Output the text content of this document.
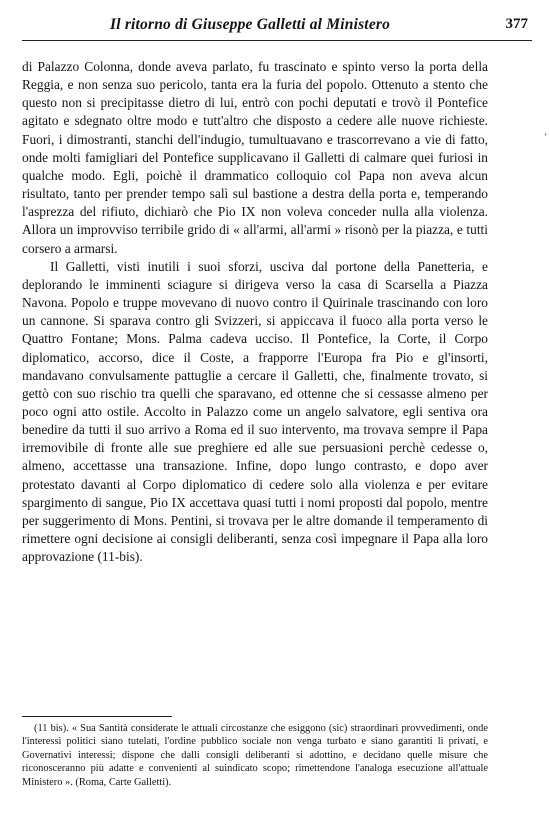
Il ritorno di Giuseppe Galletti al Ministero	377
ʻ

di Palazzo Colonna, donde aveva parlato, fu trascinato e spinto verso la porta della Reggia, e non senza suo pericolo, tanta era la furia del popolo. Ottenuto a stento che questo non si precipitasse dietro di lui, entrò con pochi deputati e trovò il Pontefice agitato e sdegnato oltre modo e tutt'altro che disposto a cedere alle nuove richieste. Fuori, i dimostranti, stanchi dell'indugio, tumultuavano e trascorrevano a vie di fatto, onde molti famigliari del Pontefice supplicavano il Galletti di calmare quei furiosi in qualche modo. Egli, poichè il drammatico colloquio col Papa non aveva alcun risultato, tanto per prender tempo salì sul bastione a destra della porta e, temperando l'asprezza del rifiuto, dichiarò che Pio IX non voleva conceder nulla alla violenza. Allora un improvviso terribile grido di « all'armi, all'armi » risonò per la piazza, e tutti corsero a armarsi.

Il Galletti, visti inutili i suoi sforzi, usciva dal portone della Panetteria, e deplorando le imminenti sciagure si dirigeva verso la casa di Scarsella a Piazza Navona. Popolo e truppe movevano di nuovo contro il Quirinale trascinando con loro un cannone. Si sparava contro gli Svizzeri, si appiccava il fuoco alla porta verso le Quattro Fontane; Mons. Palma cadeva ucciso. Il Pontefice, la Corte, il Corpo diplomatico, accorso, dice il Coste, a frapporre l'Europa fra Pio e gl'insorti, mandavano convulsamente pattuglie a cercare il Galletti, che, finalmente trovato, si gettò con suo rischio tra quelli che sparavano, ed ottenne che si cessasse almeno per poco ogni atto ostile. Accolto in Palazzo come un angelo salvatore, egli sentiva ora benedire da tutti il suo arrivo a Roma ed il suo intervento, ma trovava sempre il Papa irremovibile di fronte alle sue preghiere ed alle sue persuasioni perchè cedesse o, almeno, accettasse una transazione. Infine, dopo lungo contrasto, e dopo aver protestato davanti al Corpo diplomatico di cedere solo alla violenza e per evitare spargimento di sangue, Pio IX accettava quasi tutti i nomi proposti dal popolo, mentre per suggerimento di Mons. Pentini, si trovava per le altre domande il temperamento di rimettere ogni decisione ai consigli deliberanti, senza così impegnare il Papa alla loro approvazione (11-bis).

(11 bis). « Sua Santità considerate le attuali circostanze che esiggono (sic) straordinari provvedimenti, onde l'interessi politici siano tutelati, l'ordine pubblico sociale non venga turbato e siano garantiti li privati, e Governativi interessi; dispone che dalli consigli deliberanti si adottino, e decidano quelle misure che riconosceranno più adatte e convenienti al suindicato scopo; rimettendone l'analoga esecuzione all'attuale Ministero ». (Roma, Carte Galletti).
